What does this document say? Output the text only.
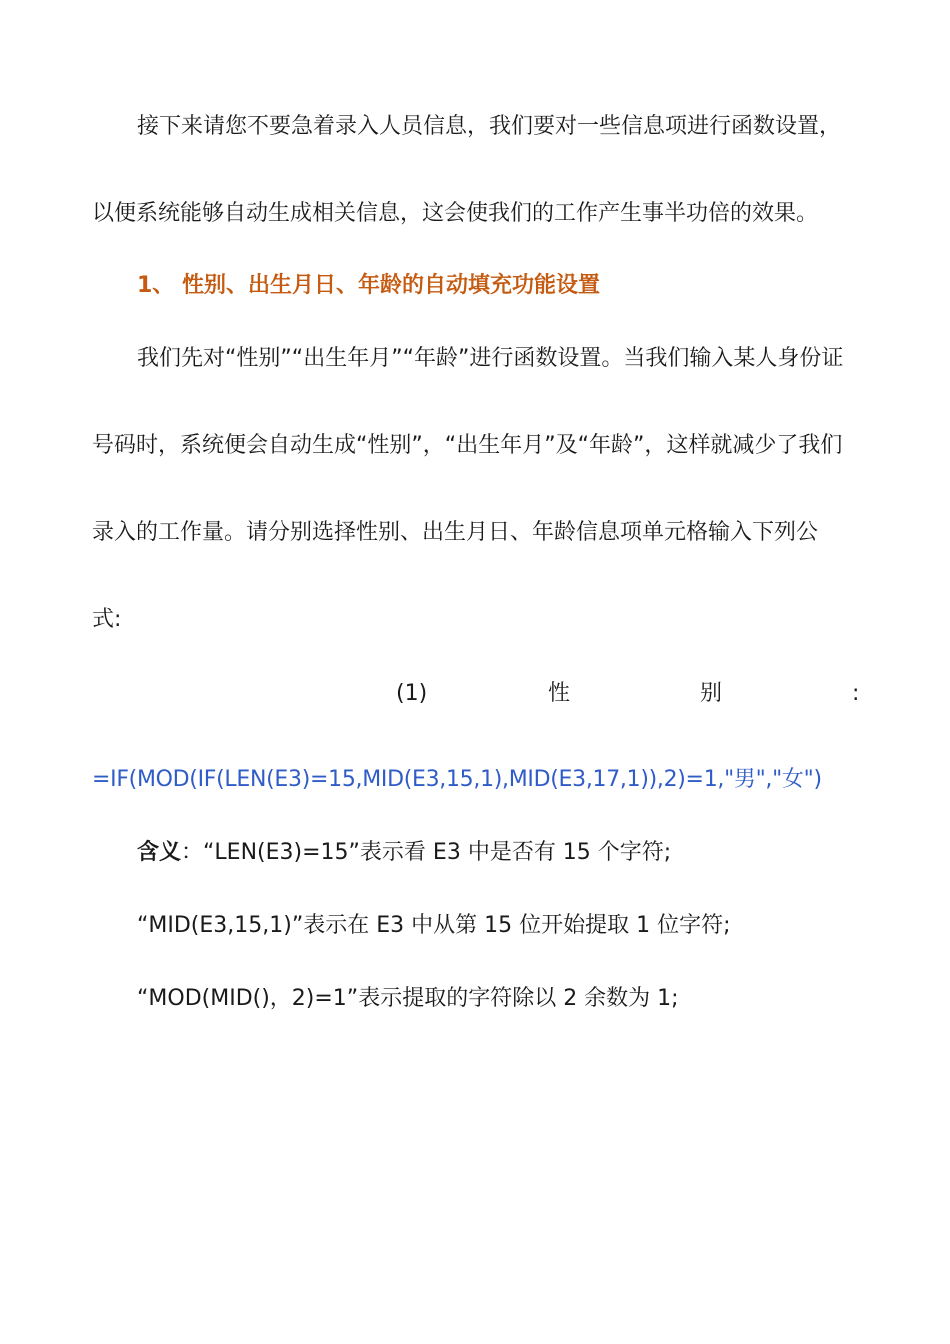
接下来请您不要急着录入人员信息，我们要对一些信息项进行函数设置，
以便系统能够自动生成相关信息，这会使我们的工作产生事半功倍的效果。
1、 性别、出生月日、年龄的自动填充功能设置
我们先对“性别”“出生年月”“年龄”进行函数设置。当我们输入某人身份证
号码时，系统便会自动生成“性别”，“出生年月”及“年龄”，这样就减少了我们
录入的工作量。请分别选择性别、出生月日、年龄信息项单元格输入下列公
式:
(1)	性	别	:
=IF(MOD(IF(LEN(E3)=15,MID(E3,15,1),MID(E3,17,1)),2)=1,"男","女")
含义：“LEN(E3)=15”表示看 E3 中是否有 15 个字符;
“MID(E3,15,1)”表示在 E3 中从第 15 位开始提取 1 位字符;
“MOD(MID()，2)=1”表示提取的字符除以 2 余数为 1;
